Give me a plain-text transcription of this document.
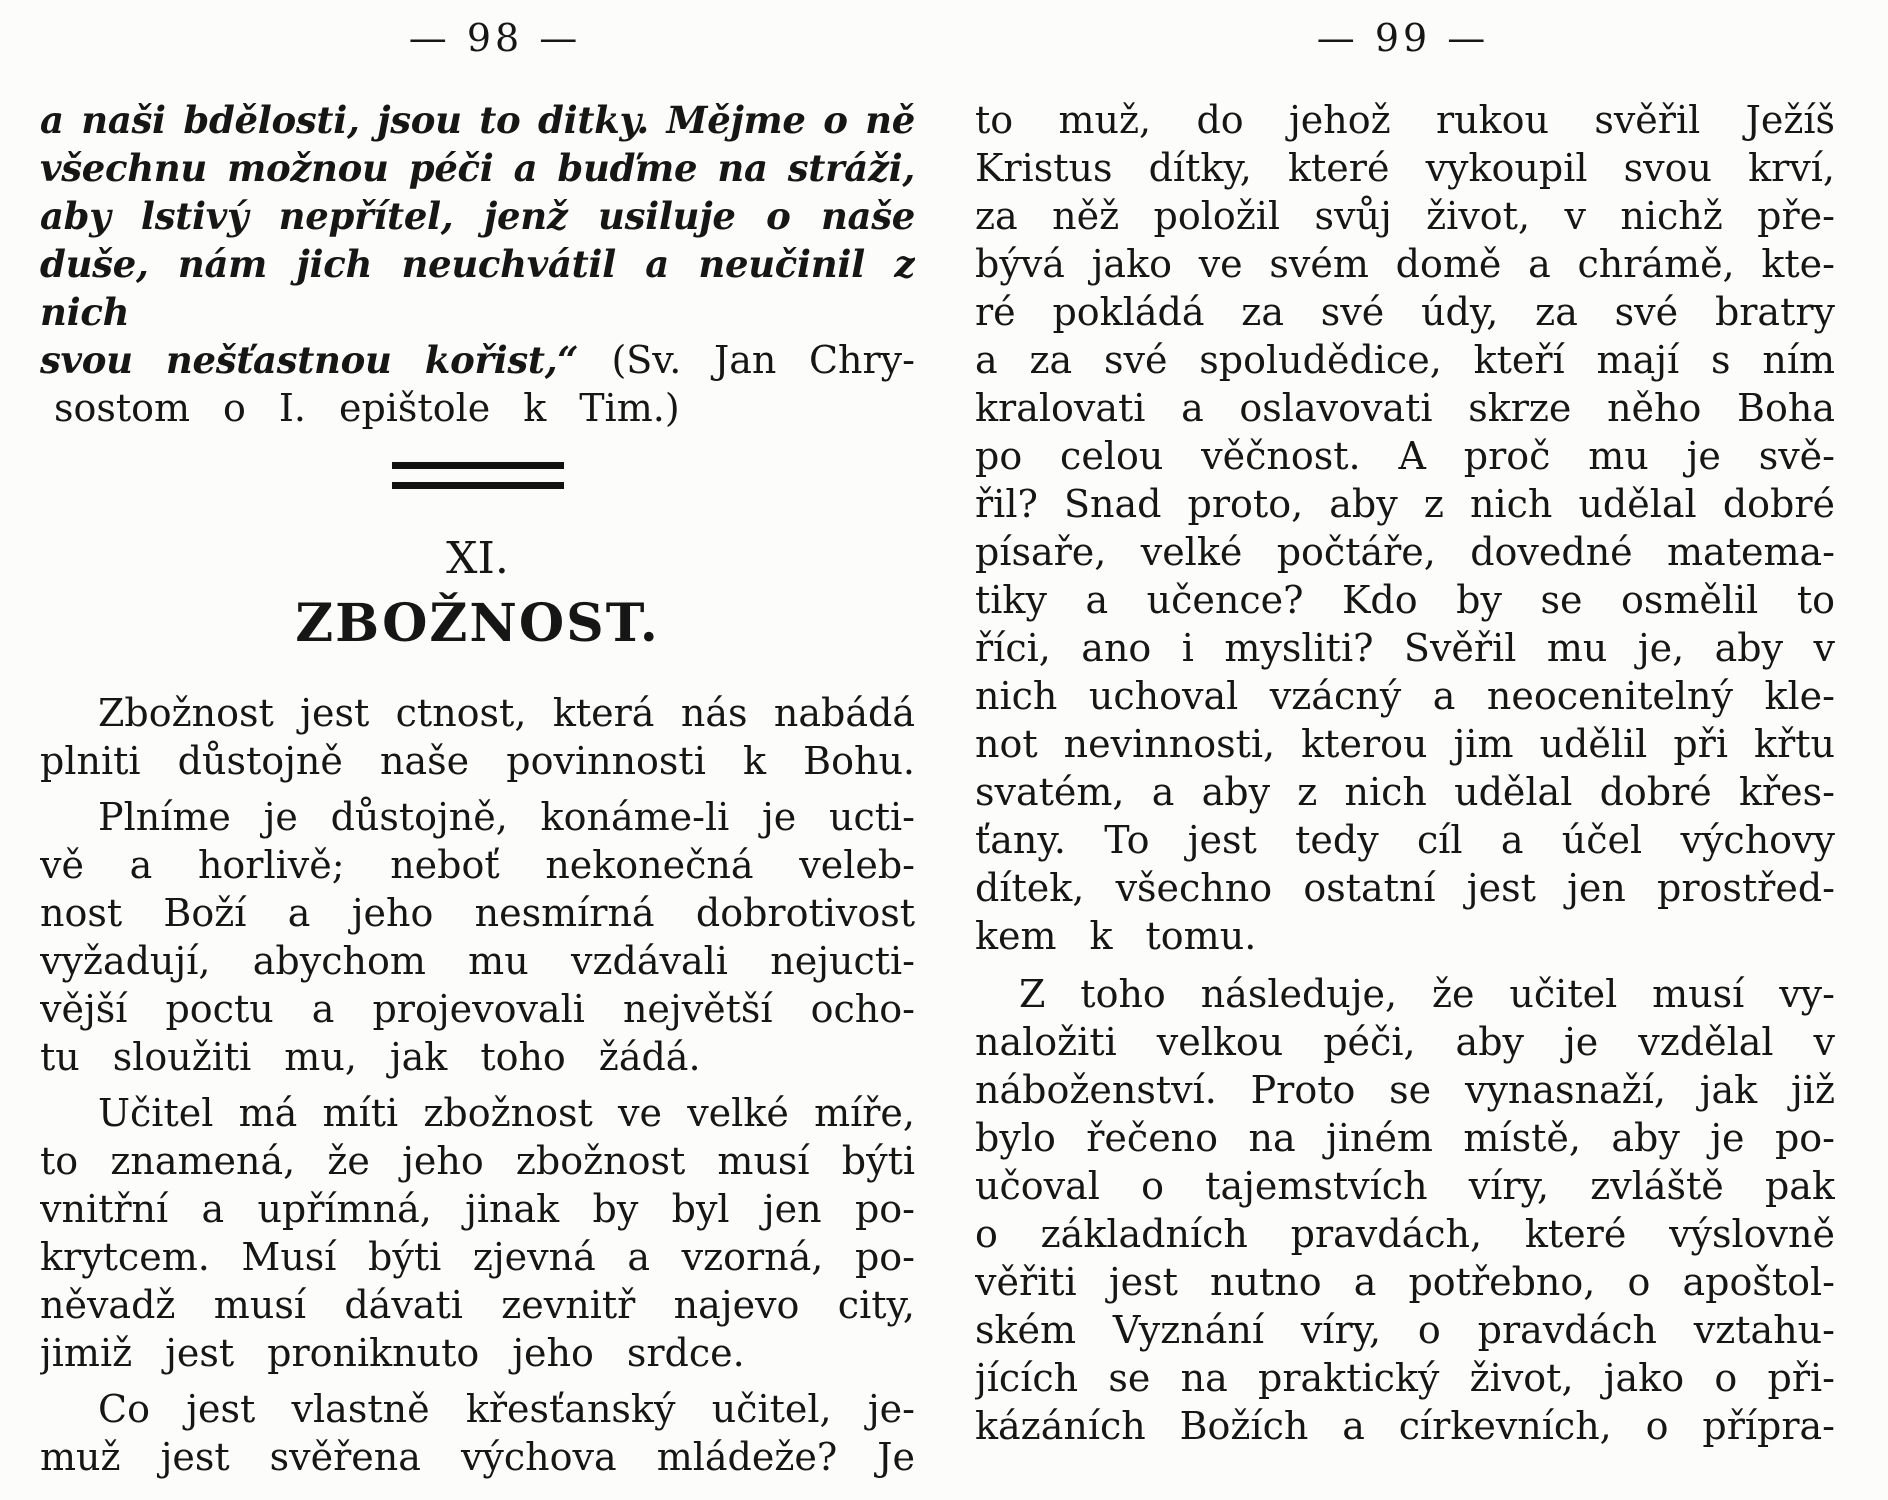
— 98 —	— 99 —
a naši bdělosti, jsou to ditky. Mějme o ně
všechnu možnou péči a buďme na stráži,
aby lstivý nepřítel, jenž usiluje o naše
duše, nám jich neuchvátil a neučinil z nich
svou nešťastnou kořist,“ (Sv. Jan Chry-
sostom o I. epištole k Tim.)
XI.
ZBOŽNOST.
Zbožnost jest ctnost, která nás nabádá
plniti důstojně naše povinnosti k Bohu.
Plníme je důstojně, konáme-li je ucti-
vě a horlivě; neboť nekonečná veleb-
nost Boží a jeho nesmírná dobrotivost
vyžadují, abychom mu vzdávali nejucti-
vější poctu a projevovali největší ocho-
tu sloužiti mu, jak toho žádá.
Učitel má míti zbožnost ve velké míře,
to znamená, že jeho zbožnost musí býti
vnitřní a upřímná, jinak by byl jen po-
krytcem. Musí býti zjevná a vzorná, po-
něvadž musí dávati zevnitř najevo city,
jimiž jest proniknuto jeho srdce.
Co jest vlastně křesťanský učitel, je-
muž jest svěřena výchova mládeže? Je
to muž, do jehož rukou svěřil Ježíš
Kristus dítky, které vykoupil svou krví,
za něž položil svůj život, v nichž pře-
bývá jako ve svém domě a chrámě, kte-
ré pokládá za své údy, za své bratry
a za své spoludědice, kteří mají s ním
kralovati a oslavovati skrze něho Boha
po celou věčnost. A proč mu je svě-
řil? Snad proto, aby z nich udělal dobré
písaře, velké počtáře, dovedné matema-
tiky a učence? Kdo by se osmělil to
říci, ano i mysliti? Svěřil mu je, aby v
nich uchoval vzácný a neocenitelný kle-
not nevinnosti, kterou jim udělil při křtu
svatém, a aby z nich udělal dobré křes-
ťany. To jest tedy cíl a účel výchovy
dítek, všechno ostatní jest jen prostřed-
kem k tomu.
Z toho následuje, že učitel musí vy-
naložiti velkou péči, aby je vzdělal v
náboženství. Proto se vynasnaží, jak již
bylo řečeno na jiném místě, aby je po-
učoval o tajemstvích víry, zvláště pak
o základních pravdách, které výslovně
věřiti jest nutno a potřebno, o apoštol-
ském Vyznání víry, o pravdách vztahu-
jících se na praktický život, jako o při-
kázáních Božích a církevních, o přípra-
